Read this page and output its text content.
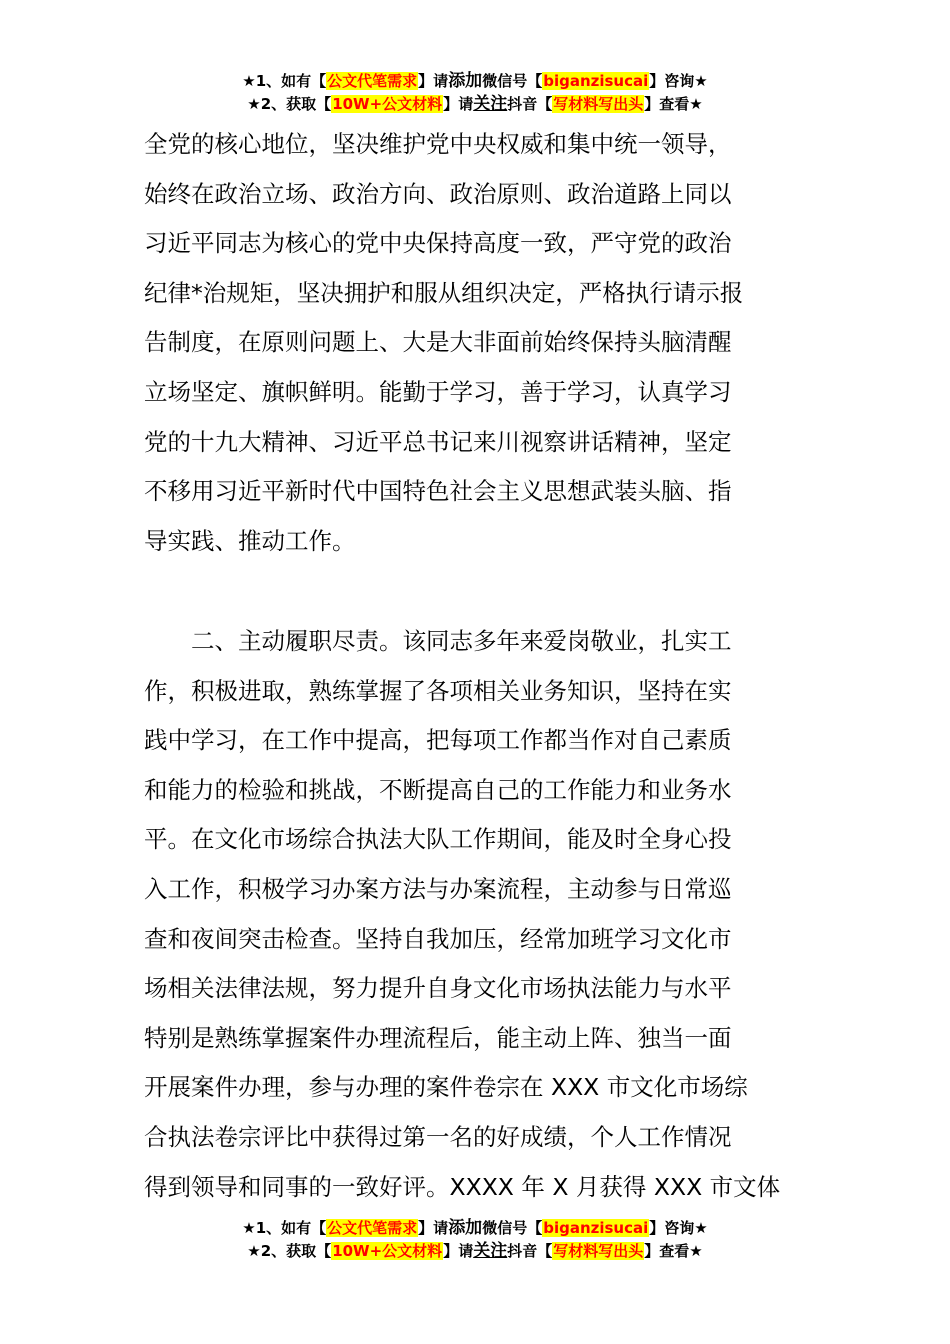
★1、如有【公文代笔需求】请添加微信号【biganzisucai】咨询★
★2、获取【10W+公文材料】请关注抖音【写材料写出头】查看★
全党的核心地位，坚决维护党中央权威和集中统一领导，
始终在政治立场、政治方向、政治原则、政治道路上同以
习近平同志为核心的党中央保持高度一致，严守党的政治
纪律*治规矩，坚决拥护和服从组织决定，严格执行请示报
告制度，在原则问题上、大是大非面前始终保持头脑清醒
立场坚定、旗帜鲜明。能勤于学习，善于学习，认真学习
党的十九大精神、习近平总书记来川视察讲话精神，坚定
不移用习近平新时代中国特色社会主义思想武装头脑、指
导实践、推动工作。
　　二、主动履职尽责。该同志多年来爱岗敬业，扎实工
作，积极进取，熟练掌握了各项相关业务知识，坚持在实
践中学习，在工作中提高，把每项工作都当作对自己素质
和能力的检验和挑战，不断提高自己的工作能力和业务水
平。在文化市场综合执法大队工作期间，能及时全身心投
入工作，积极学习办案方法与办案流程，主动参与日常巡
查和夜间突击检查。坚持自我加压，经常加班学习文化市
场相关法律法规，努力提升自身文化市场执法能力与水平
特别是熟练掌握案件办理流程后，能主动上阵、独当一面
开展案件办理，参与办理的案件卷宗在 XXX 市文化市场综
合执法卷宗评比中获得过第一名的好成绩，个人工作情况
得到领导和同事的一致好评。XXXX 年 X 月获得 XXX 市文体
★1、如有【公文代笔需求】请添加微信号【biganzisucai】咨询★
★2、获取【10W+公文材料】请关注抖音【写材料写出头】查看★
